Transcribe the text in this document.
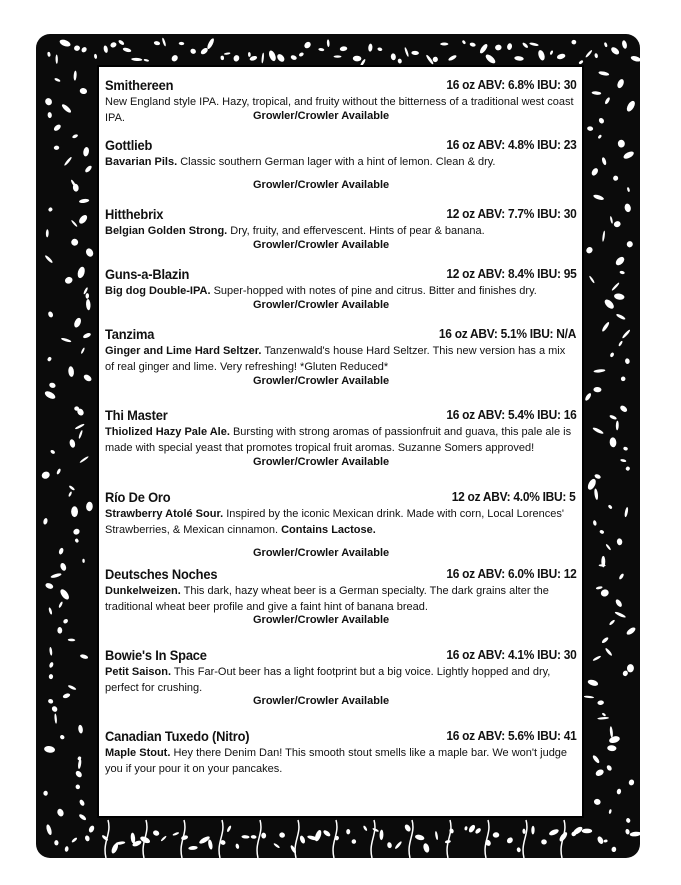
Smithereen	16 oz ABV: 6.8% IBU: 30
New England style IPA. Hazy, tropical, and fruity without the bitterness of a traditional west coast IPA.	Growler/Crowler Available
Gottlieb	16 oz ABV: 4.8% IBU: 23
Bavarian Pils. Classic southern German lager with a hint of lemon. Clean & dry.
Growler/Crowler Available
Hitthebrix	12 oz ABV: 7.7% IBU: 30
Belgian Golden Strong. Dry, fruity, and effervescent. Hints of pear & banana.
Growler/Crowler Available
Guns-a-Blazin	12 oz ABV: 8.4% IBU: 95
Big dog Double-IPA. Super-hopped with notes of pine and citrus. Bitter and finishes dry.
Growler/Crowler Available
Tanzima	16 oz ABV: 5.1% IBU: N/A
Ginger and Lime Hard Seltzer. Tanzenwald's house Hard Seltzer. This new version has a mix of real ginger and lime. Very refreshing! *Gluten Reduced*
Growler/Crowler Available
Thi Master	16 oz ABV: 5.4% IBU: 16
Thiolized Hazy Pale Ale. Bursting with strong aromas of passionfruit and guava, this pale ale is made with special yeast that promotes tropical fruit aromas. Suzanne Somers approved!
Growler/Crowler Available
Río De Oro	12 oz ABV: 4.0% IBU: 5
Strawberry Atolé Sour. Inspired by the iconic Mexican drink. Made with corn, Local Lorences' Strawberries, & Mexican cinnamon. Contains Lactose.
Growler/Crowler Available
Deutsches Noches	16 oz ABV: 6.0% IBU: 12
Dunkelweizen. This dark, hazy wheat beer is a German specialty. The dark grains alter the traditional wheat beer profile and give a faint hint of banana bread.
Growler/Crowler Available
Bowie's In Space	16 oz ABV: 4.1% IBU: 30
Petit Saison. This Far-Out beer has a light footprint but a big voice. Lightly hopped and dry, perfect for crushing.
Growler/Crowler Available
Canadian Tuxedo (Nitro)	16 oz ABV: 5.6% IBU: 41
Maple Stout. Hey there Denim Dan! This smooth stout smells like a maple bar. We won't judge you if your pour it on your pancakes.
